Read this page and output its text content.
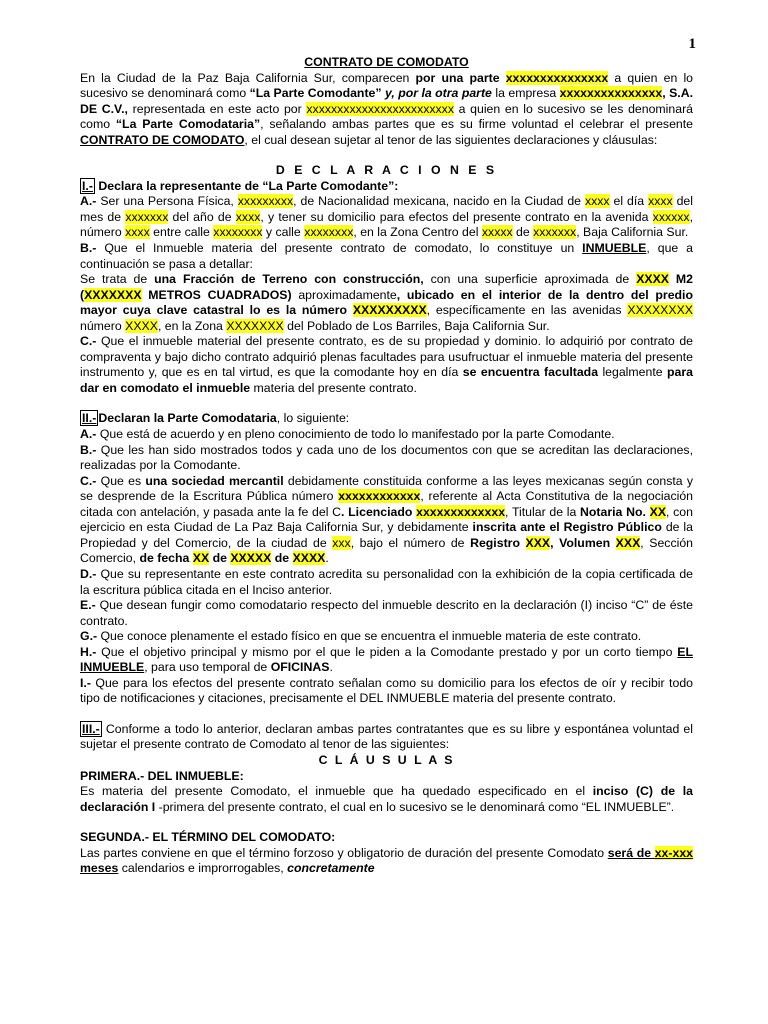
1

CONTRATO DE COMODATO

En la Ciudad de la Paz Baja California Sur, comparecen por una parte xxxxxxxxxxxxxxx a quien en lo sucesivo se denominará como “La Parte Comodante” y, por la otra parte la empresa xxxxxxxxxxxxxxx, S.A. DE C.V., representada en este acto por xxxxxxxxxxxxxxxxxxxxxxxx a quien en lo sucesivo se les denominará como “La Parte Comodataria”, señalando ambas partes que es su firme voluntad el celebrar el presente CONTRATO DE COMODATO, el cual desean sujetar al tenor de las siguientes declaraciones y cláusulas:

D E C L A R A C I O N E S

I.- Declara la representante de “La Parte Comodante”:

A.- Ser una Persona Física, xxxxxxxxx, de Nacionalidad mexicana, nacido en la Ciudad de xxxx el día xxxx del mes de xxxxxxx del año de xxxx, y tener su domicilio para efectos del presente contrato en la avenida xxxxxx, número xxxx entre calle xxxxxxxx y calle xxxxxxxx, en la Zona Centro del xxxxx de xxxxxxx, Baja California Sur.

B.- Que el Inmueble materia del presente contrato de comodato, lo constituye un INMUEBLE, que a continuación se pasa a detallar:

Se trata de una Fracción de Terreno con construcción, con una superficie aproximada de XXXX M2 (XXXXXXX METROS CUADRADOS) aproximadamente, ubicado en el interior de la dentro del predio mayor cuya clave catastral lo es la número XXXXXXXXX, específicamente en las avenidas XXXXXXXX número XXXX, en la Zona XXXXXXX del Poblado de Los Barriles, Baja California Sur.

C.- Que el inmueble material del presente contrato, es de su propiedad y dominio. lo adquirió por contrato de compraventa y bajo dicho contrato adquirió plenas facultades para usufructuar el inmueble materia del presente instrumento y, que es en tal virtud, es que la comodante hoy en día se encuentra facultada legalmente para dar en comodato el inmueble materia del presente contrato.

II.- Declaran la Parte Comodataria, lo siguiente:

A.- Que está de acuerdo y en pleno conocimiento de todo lo manifestado por la parte Comodante.

B.- Que les han sido mostrados todos y cada uno de los documentos con que se acreditan las declaraciones, realizadas por la Comodante.

C.- Que es una sociedad mercantil debidamente constituida conforme a las leyes mexicanas según consta y se desprende de la Escritura Pública número xxxxxxxxxxxx, referente al Acta Constitutiva de la negociación citada con antelación, y pasada ante la fe del C. Licenciado xxxxxxxxxxxxx, Titular de la Notaria No. XX, con ejercicio en esta Ciudad de La Paz Baja California Sur, y debidamente inscrita ante el Registro Público de la Propiedad y del Comercio, de la ciudad de xxx, bajo el número de Registro XXX, Volumen XXX, Sección Comercio, de fecha XX de XXXXX de XXXX.

D.- Que su representante en este contrato acredita su personalidad con la exhibición de la copia certificada de la escritura pública citada en el Inciso anterior.

E.- Que desean fungir como comodatario respecto del inmueble descrito en la declaración (I) inciso “C” de éste contrato.

G.- Que conoce plenamente el estado físico en que se encuentra el inmueble materia de este contrato.

H.- Que el objetivo principal y mismo por el que le piden a la Comodante prestado y por un corto tiempo EL INMUEBLE, para uso temporal de OFICINAS.

I.- Que para los efectos del presente contrato señalan como su domicilio para los efectos de oír y recibir todo tipo de notificaciones y citaciones, precisamente el DEL INMUEBLE materia del presente contrato.

III.- Conforme a todo lo anterior, declaran ambas partes contratantes que es su libre y espontánea voluntad el sujetar el presente contrato de Comodato al tenor de las siguientes:

C L Á U S U L A S

PRIMERA.- DEL INMUEBLE:

Es materia del presente Comodato, el inmueble que ha quedado especificado en el inciso (C) de la declaración I -primera del presente contrato, el cual en lo sucesivo se le denominará como “EL INMUEBLE”.

SEGUNDA.- EL TÉRMINO DEL COMODATO:

Las partes conviene en que el término forzoso y obligatorio de duración del presente Comodato será de xx-xxx meses calendarios e improrrogables, concretamente
